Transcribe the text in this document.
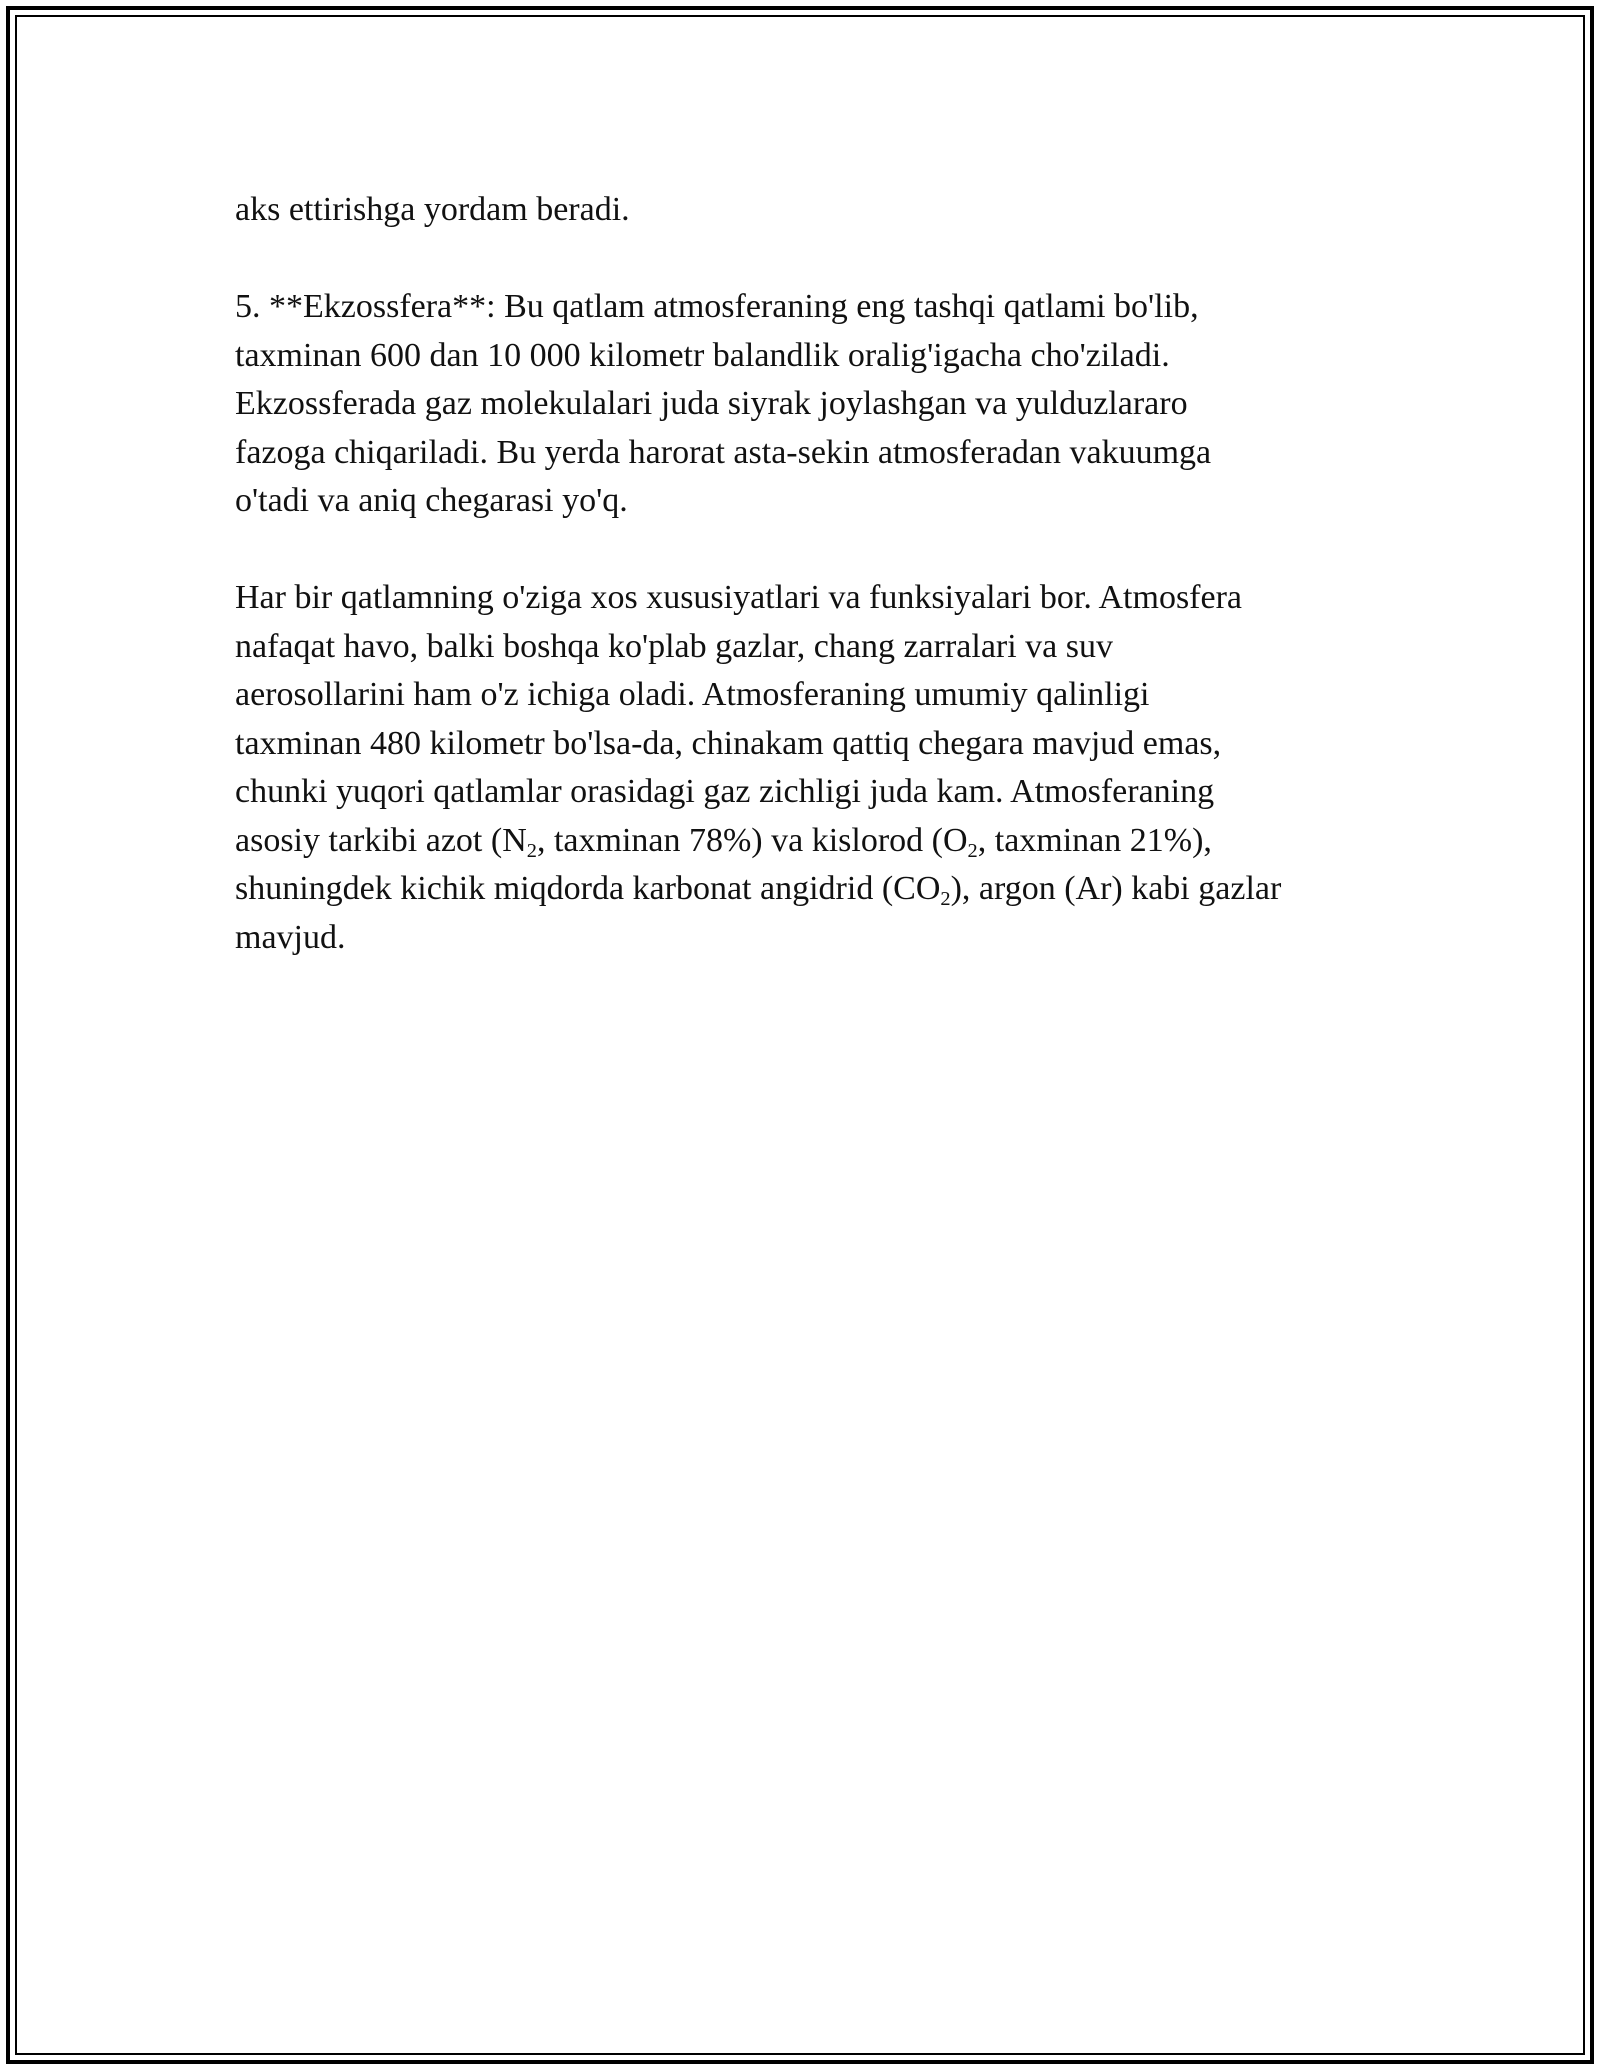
aks ettirishga yordam beradi.

5. **Ekzossfera**: Bu qatlam atmosferaning eng tashqi qatlami bo'lib,
taxminan 600 dan 10 000 kilometr balandlik oralig'igacha cho'ziladi.
Ekzossferada gaz molekulalari juda siyrak joylashgan va yulduzlararo
fazoga chiqariladi. Bu yerda harorat asta-sekin atmosferadan vakuumga
o'tadi va aniq chegarasi yo'q.

Har bir qatlamning o'ziga xos xususiyatlari va funksiyalari bor. Atmosfera
nafaqat havo, balki boshqa ko'plab gazlar, chang zarralari va suv
aerosollarini ham o'z ichiga oladi. Atmosferaning umumiy qalinligi
taxminan 480 kilometr bo'lsa-da, chinakam qattiq chegara mavjud emas,
chunki yuqori qatlamlar orasidagi gaz zichligi juda kam. Atmosferaning
asosiy tarkibi azot ($N_2$, taxminan 78%) va kislorod ($O_2$, taxminan 21%),
shuningdek kichik miqdorda karbonat angidrid $(CO_2)$, argon (Ar) kabi gazlar
mavjud.
